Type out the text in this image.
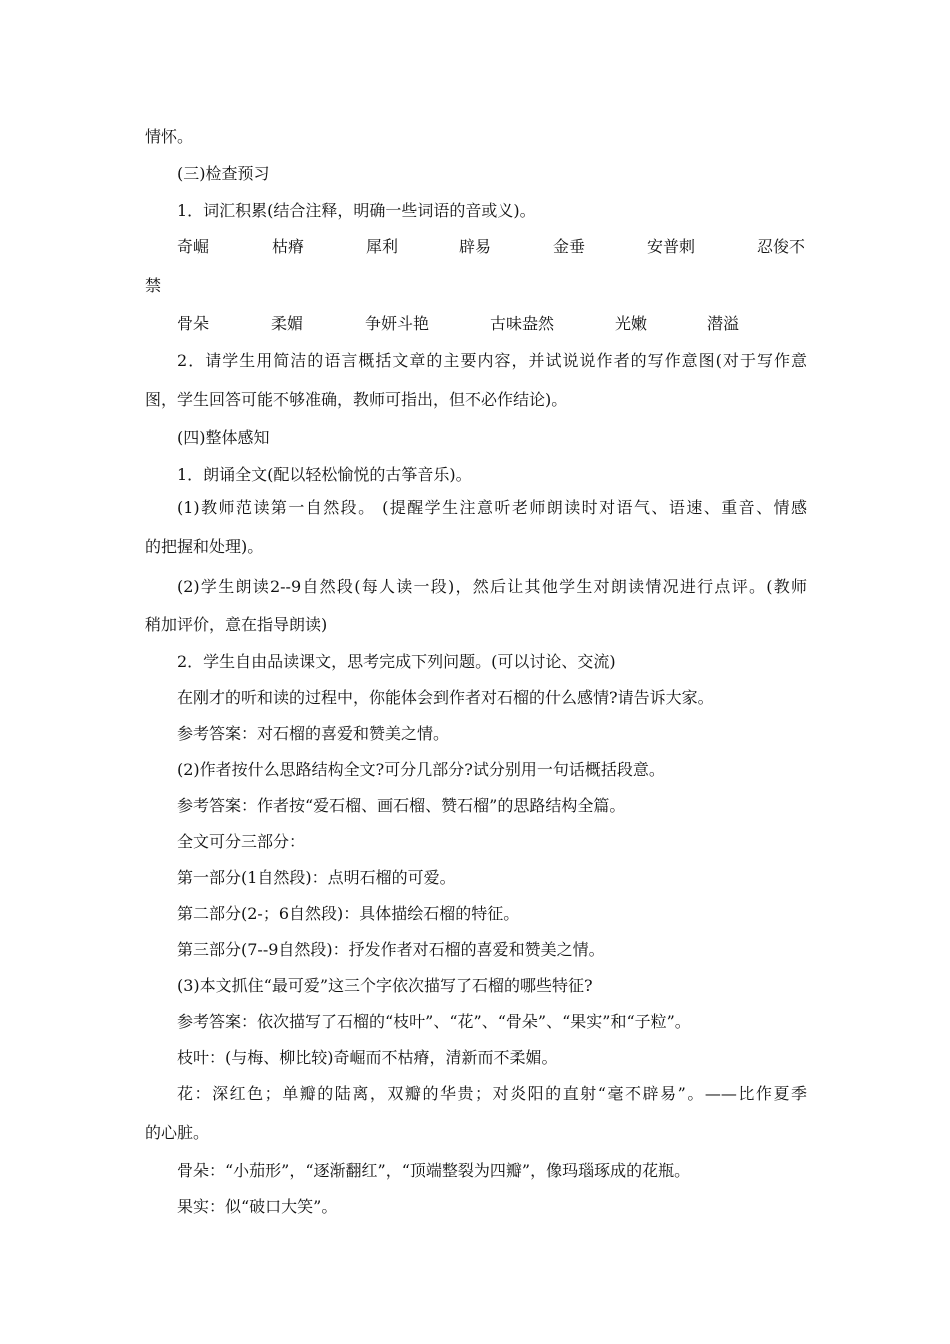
情怀。
(三)检查预习
1．词汇积累(结合注释，明确一些词语的音或义)。
奇崛	枯瘠	犀利	辟易	金垂	安普刺	忍俊不
禁
骨朵	柔媚	争妍斗艳	古味盎然	光嫩	潜溢
2．请学生用简洁的语言概括文章的主要内容，并试说说作者的写作意图(对于写作意
图，学生回答可能不够准确，教师可指出，但不必作结论)。
(四)整体感知
1．朗诵全文(配以轻松愉悦的古筝音乐)。
(1)教师范读第一自然段。 (提醒学生注意听老师朗读时对语气、语速、重音、情感
的把握和处理)。
(2)学生朗读2--9自然段(每人读一段)，然后让其他学生对朗读情况进行点评。(教师
稍加评价，意在指导朗读)
2．学生自由品读课文，思考完成下列问题。(可以讨论、交流)
在刚才的听和读的过程中，你能体会到作者对石榴的什么感情?请告诉大家。
参考答案：对石榴的喜爱和赞美之情。
(2)作者按什么思路结构全文?可分几部分?试分别用一句话概括段意。
参考答案：作者按“爱石榴、画石榴、赞石榴”的思路结构全篇。
全文可分三部分：
第一部分(1自然段)：点明石榴的可爱。
第二部分(2-；6自然段)：具体描绘石榴的特征。
第三部分(7--9自然段)：抒发作者对石榴的喜爱和赞美之情。
(3)本文抓住“最可爱”这三个字依次描写了石榴的哪些特征?
参考答案：依次描写了石榴的“枝叶”、“花”、“骨朵”、“果实”和“子粒”。
枝叶：(与梅、柳比较)奇崛而不枯瘠，清新而不柔媚。
花：深红色；单瓣的陆离，双瓣的华贵；对炎阳的直射“毫不辟易”。——比作夏季
的心脏。
骨朵：“小茄形”，“逐渐翻红”，“顶端整裂为四瓣”，像玛瑙琢成的花瓶。
果实：似“破口大笑”。
